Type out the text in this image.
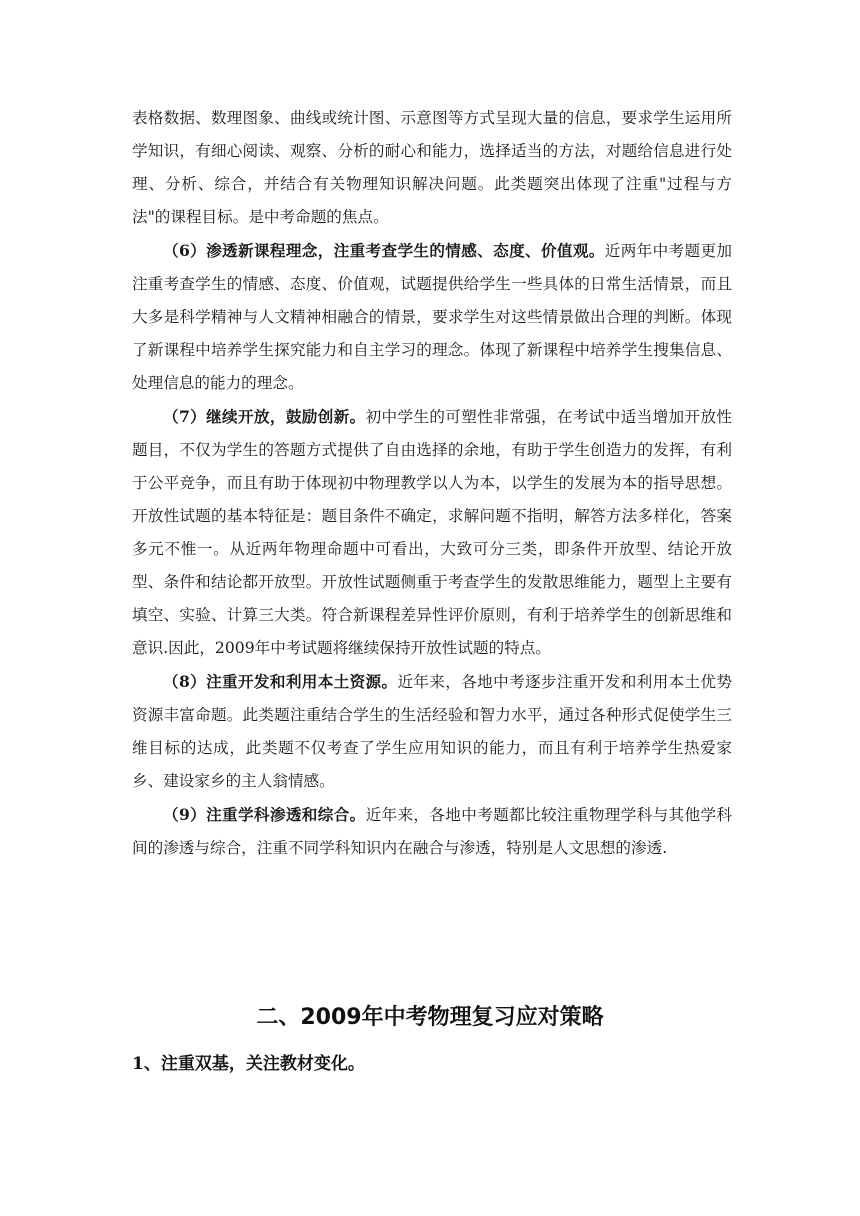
表格数据、数理图象、曲线或统计图、示意图等方式呈现大量的信息，要求学生运用所学知识，有细心阅读、观察、分析的耐心和能力，选择适当的方法，对题给信息进行处理、分析、综合，并结合有关物理知识解决问题。此类题突出体现了注重"过程与方法"的课程目标。是中考命题的焦点。

（6）渗透新课程理念，注重考查学生的情感、态度、价值观。近两年中考题更加注重考查学生的情感、态度、价值观，试题提供给学生一些具体的日常生活情景，而且大多是科学精神与人文精神相融合的情景，要求学生对这些情景做出合理的判断。体现了新课程中培养学生探究能力和自主学习的理念。体现了新课程中培养学生搜集信息、处理信息的能力的理念。

（7）继续开放，鼓励创新。初中学生的可塑性非常强，在考试中适当增加开放性题目，不仅为学生的答题方式提供了自由选择的余地，有助于学生创造力的发挥，有利于公平竞争，而且有助于体现初中物理教学以人为本，以学生的发展为本的指导思想。开放性试题的基本特征是：题目条件不确定，求解问题不指明，解答方法多样化，答案多元不惟一。从近两年物理命题中可看出，大致可分三类，即条件开放型、结论开放型、条件和结论都开放型。开放性试题侧重于考查学生的发散思维能力，题型上主要有填空、实验、计算三大类。符合新课程差异性评价原则，有利于培养学生的创新思维和意识.因此，2009年中考试题将继续保持开放性试题的特点。

（8）注重开发和利用本土资源。近年来，各地中考逐步注重开发和利用本土优势资源丰富命题。此类题注重结合学生的生活经验和智力水平，通过各种形式促使学生三维目标的达成，此类题不仅考查了学生应用知识的能力，而且有利于培养学生热爱家乡、建设家乡的主人翁情感。

（9）注重学科渗透和综合。近年来，各地中考题都比较注重物理学科与其他学科间的渗透与综合，注重不同学科知识内在融合与渗透，特别是人文思想的渗透.

二、2009年中考物理复习应对策略

1、注重双基，关注教材变化。
